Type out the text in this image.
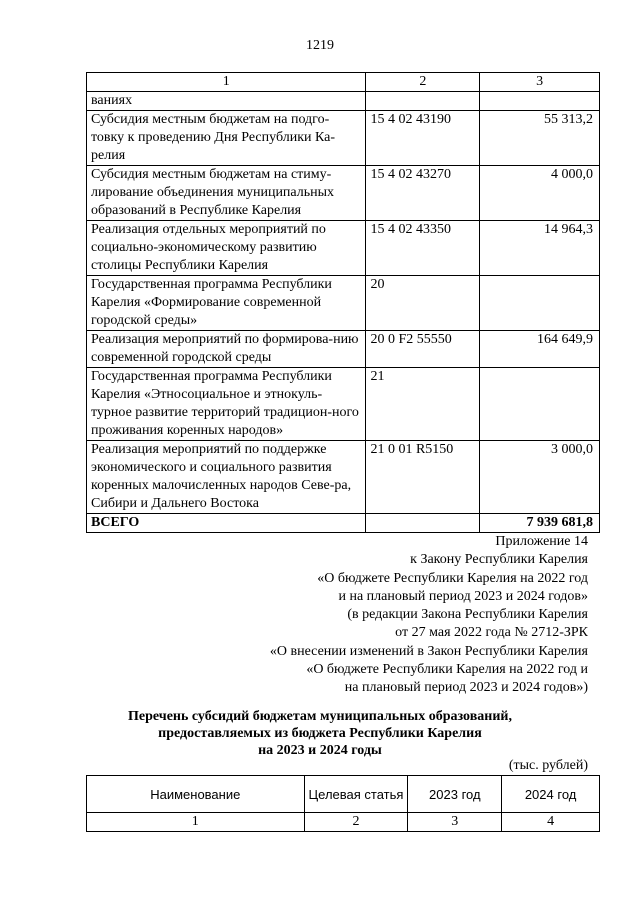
1219
1	2	3
ваниях		
Субсидия местным бюджетам на подго-товку к проведению Дня Республики Ка-релия	15 4 02 43190	55 313,2
Субсидия местным бюджетам на стиму-лирование объединения муниципальных образований в Республике Карелия	15 4 02 43270	4 000,0
Реализация отдельных мероприятий по социально-экономическому развитию столицы Республики Карелия	15 4 02 43350	14 964,3
Государственная программа Республики Карелия «Формирование современной городской среды»	20	
Реализация мероприятий по формирова-нию современной городской среды	20 0 F2 55550	164 649,9
Государственная программа Республики Карелия «Этносоциальное и этнокуль-турное развитие территорий традицион-ного проживания коренных народов»	21	
Реализация мероприятий по поддержке экономического и социального развития коренных малочисленных народов Севе-ра, Сибири и Дальнего Востока	21 0 01 R5150	3 000,0
ВСЕГО		7 939 681,8
Приложение 14
к Закону Республики Карелия
«О бюджете Республики Карелия на 2022 год
и на плановый период 2023 и 2024 годов»
(в редакции Закона Республики Карелия
от 27 мая 2022 года № 2712-ЗРК
«О внесении изменений в Закон Республики Карелия
«О бюджете Республики Карелия на 2022 год и
на плановый период 2023 и 2024 годов»)
Перечень субсидий бюджетам муниципальных образований,
предоставляемых из бюджета Республики Карелия
на 2023 и 2024 годы
(тыс. рублей)
Наименование	Целевая статья	2023 год	2024 год
1	2	3	4
